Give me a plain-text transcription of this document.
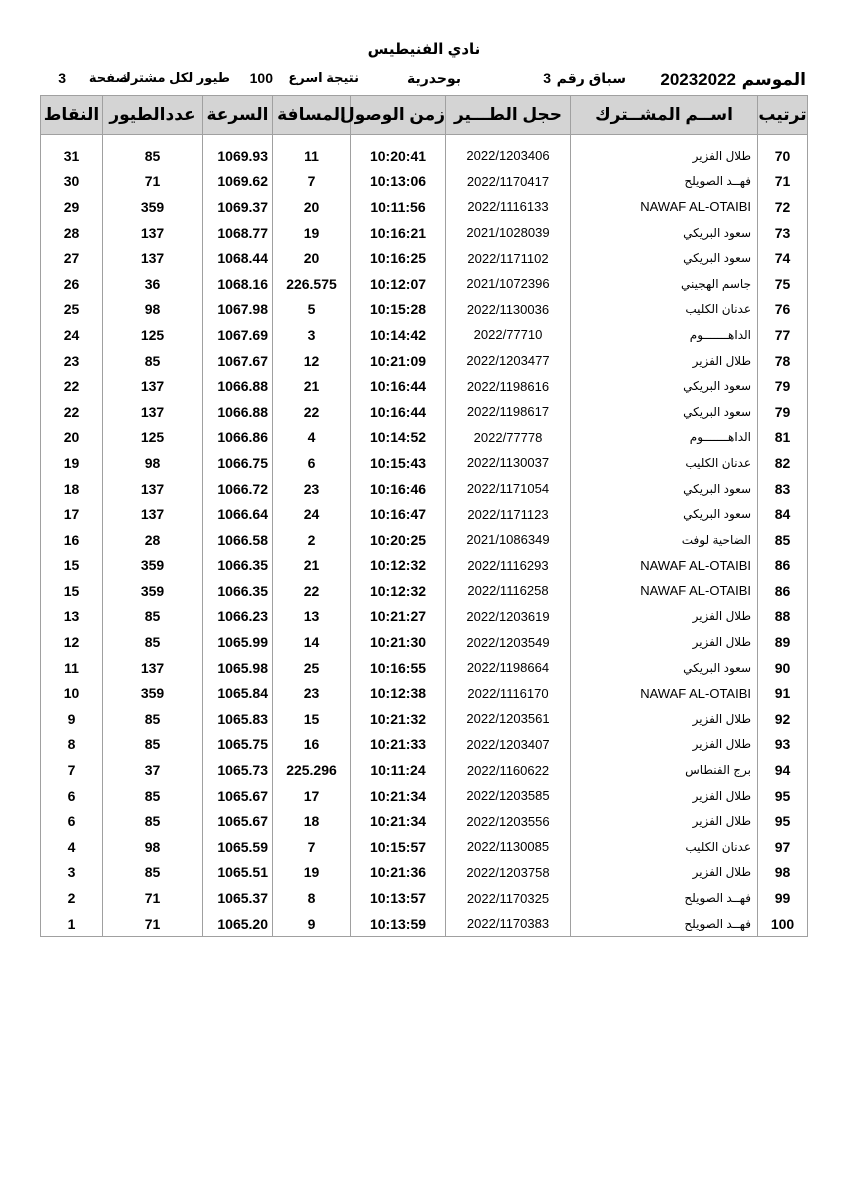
نادي الفنيطيس
الموسم
20232022
سباق رقم
3
بوحدرية
نتيجة اسرع
100
طيور لكل مشترك
صفحة
3
النقاط	عددالطيور	السرعة	المسافة	زمن الوصول	حجل الطـــير	اســم المشــترك	ترتيب

31	85	1069.93	11	10:20:41	2022/1203406	طلال الفزير	70
30	71	1069.62	7	10:13:06	2022/1170417	فهــد الصويلح	71
29	359	1069.37	20	10:11:56	2022/1116133	NAWAF AL-OTAIBI	72
28	137	1068.77	19	10:16:21	2021/1028039	سعود البريكي	73
27	137	1068.44	20	10:16:25	2022/1171102	سعود البريكي	74
26	36	1068.16	226.575	10:12:07	2021/1072396	جاسم الهجيني	75
25	98	1067.98	5	10:15:28	2022/1130036	عدنان الكليب	76
24	125	1067.69	3	10:14:42	2022/77710	الداهـــــــوم	77
23	85	1067.67	12	10:21:09	2022/1203477	طلال الفزير	78
22	137	1066.88	21	10:16:44	2022/1198616	سعود البريكي	79
22	137	1066.88	22	10:16:44	2022/1198617	سعود البريكي	79
20	125	1066.86	4	10:14:52	2022/77778	الداهـــــــوم	81
19	98	1066.75	6	10:15:43	2022/1130037	عدنان الكليب	82
18	137	1066.72	23	10:16:46	2022/1171054	سعود البريكي	83
17	137	1066.64	24	10:16:47	2022/1171123	سعود البريكي	84
16	28	1066.58	2	10:20:25	2021/1086349	الضاحية لوفت	85
15	359	1066.35	21	10:12:32	2022/1116293	NAWAF AL-OTAIBI	86
15	359	1066.35	22	10:12:32	2022/1116258	NAWAF AL-OTAIBI	86
13	85	1066.23	13	10:21:27	2022/1203619	طلال الفزير	88
12	85	1065.99	14	10:21:30	2022/1203549	طلال الفزير	89
11	137	1065.98	25	10:16:55	2022/1198664	سعود البريكي	90
10	359	1065.84	23	10:12:38	2022/1116170	NAWAF AL-OTAIBI	91
9	85	1065.83	15	10:21:32	2022/1203561	طلال الفزير	92
8	85	1065.75	16	10:21:33	2022/1203407	طلال الفزير	93
7	37	1065.73	225.296	10:11:24	2022/1160622	برج الفنطاس	94
6	85	1065.67	17	10:21:34	2022/1203585	طلال الفزير	95
6	85	1065.67	18	10:21:34	2022/1203556	طلال الفزير	95
4	98	1065.59	7	10:15:57	2022/1130085	عدنان الكليب	97
3	85	1065.51	19	10:21:36	2022/1203758	طلال الفزير	98
2	71	1065.37	8	10:13:57	2022/1170325	فهــد الصويلح	99
1	71	1065.20	9	10:13:59	2022/1170383	فهــد الصويلح	100
